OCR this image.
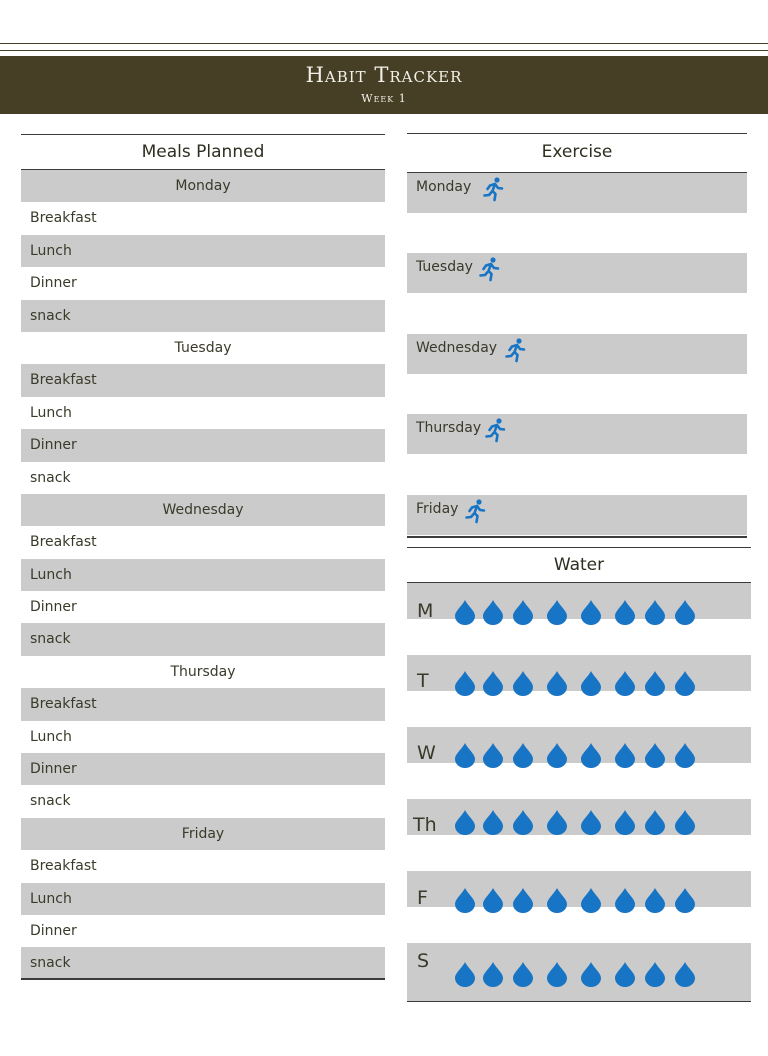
Habit Tracker
Week 1
Meals Planned
Monday
Breakfast
Lunch
Dinner
snack
Tuesday
Breakfast
Lunch
Dinner
snack
Wednesday
Breakfast
Lunch
Dinner
snack
Thursday
Breakfast
Lunch
Dinner
snack
Friday
Breakfast
Lunch
Dinner
snack
Exercise
Monday
Tuesday
Wednesday
Thursday
Friday
Water
M
T
W
Th
F
S
